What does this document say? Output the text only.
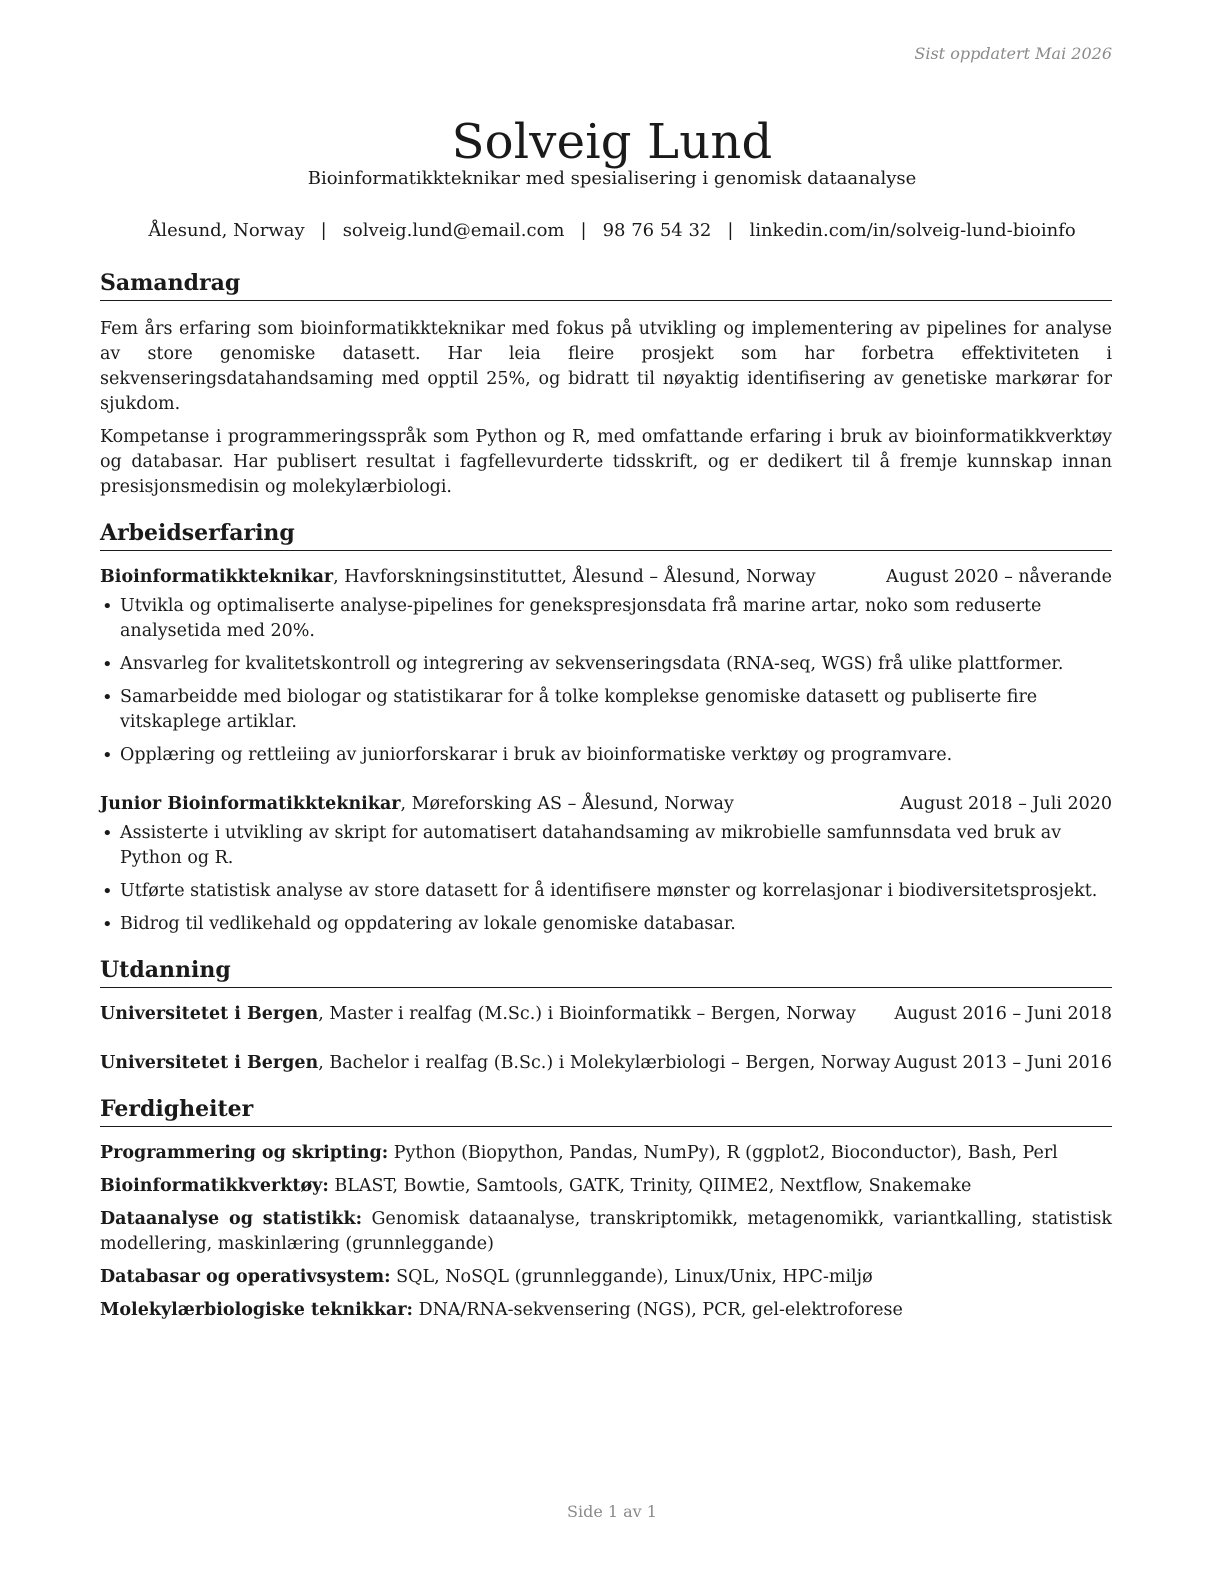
Sist oppdatert Mai 2026
Solveig Lund
Bioinformatikkteknikar med spesialisering i genomisk dataanalyse
Ålesund, Norway | solveig.lund@email.com | 98 76 54 32 | linkedin.com/in/solveig-lund-bioinfo
Samandrag

Fem års erfaring som bioinformatikkteknikar med fokus på utvikling og implementering av pipelines for analyse av store genomiske datasett. Har leia fleire prosjekt som har forbetra effektiviteten i sekvenseringsdatahandsaming med opptil 25%, og bidratt til nøyaktig identifisering av genetiske markørar for sjukdom.

Kompetanse i programmeringsspråk som Python og R, med omfattande erfaring i bruk av bioinformatikkverktøy og databasar. Har publisert resultat i fagfellevurderte tidsskrift, og er dedikert til å fremje kunnskap innan presisjonsmedisin og molekylærbiologi.

Arbeidserfaring
Bioinformatikkteknikar, Havforskningsinstituttet, Ålesund – Ålesund, Norway	August 2020 – nåverande
• Utvikla og optimaliserte analyse-pipelines for genekspresjonsdata frå marine artar, noko som reduserte analysetida med 20%.
• Ansvarleg for kvalitetskontroll og integrering av sekvenseringsdata (RNA-seq, WGS) frå ulike plattformer.
• Samarbeidde med biologar og statistikarar for å tolke komplekse genomiske datasett og publiserte fire vitskaplege artiklar.
• Opplæring og rettleiing av juniorforskarar i bruk av bioinformatiske verktøy og programvare.
Junior Bioinformatikkteknikar, Møreforsking AS – Ålesund, Norway	August 2018 – Juli 2020
• Assisterte i utvikling av skript for automatisert datahandsaming av mikrobielle samfunnsdata ved bruk av Python og R.
• Utførte statistisk analyse av store datasett for å identifisere mønster og korrelasjonar i biodiversitetsprosjekt.
• Bidrog til vedlikehald og oppdatering av lokale genomiske databasar.
Utdanning
Universitetet i Bergen, Master i realfag (M.Sc.) i Bioinformatikk – Bergen, Norway August 2016 – Juni 2018
Universitetet i Bergen, Bachelor i realfag (B.Sc.) i Molekylærbiologi – Bergen, Norway August 2013 – Juni 2016
Ferdigheiter
Programmering og skripting: Python (Biopython, Pandas, NumPy), R (ggplot2, Bioconductor), Bash, Perl
Bioinformatikkverktøy: BLAST, Bowtie, Samtools, GATK, Trinity, QIIME2, Nextflow, Snakemake
Dataanalyse og statistikk: Genomisk dataanalyse, transkriptomikk, metagenomikk, variantkalling, statistisk modellering, maskinlæring (grunnleggande)
Databasar og operativsystem: SQL, NoSQL (grunnleggande), Linux/Unix, HPC-miljø
Molekylærbiologiske teknikkar: DNA/RNA-sekvensering (NGS), PCR, gel-elektroforese
Side 1 av 1
